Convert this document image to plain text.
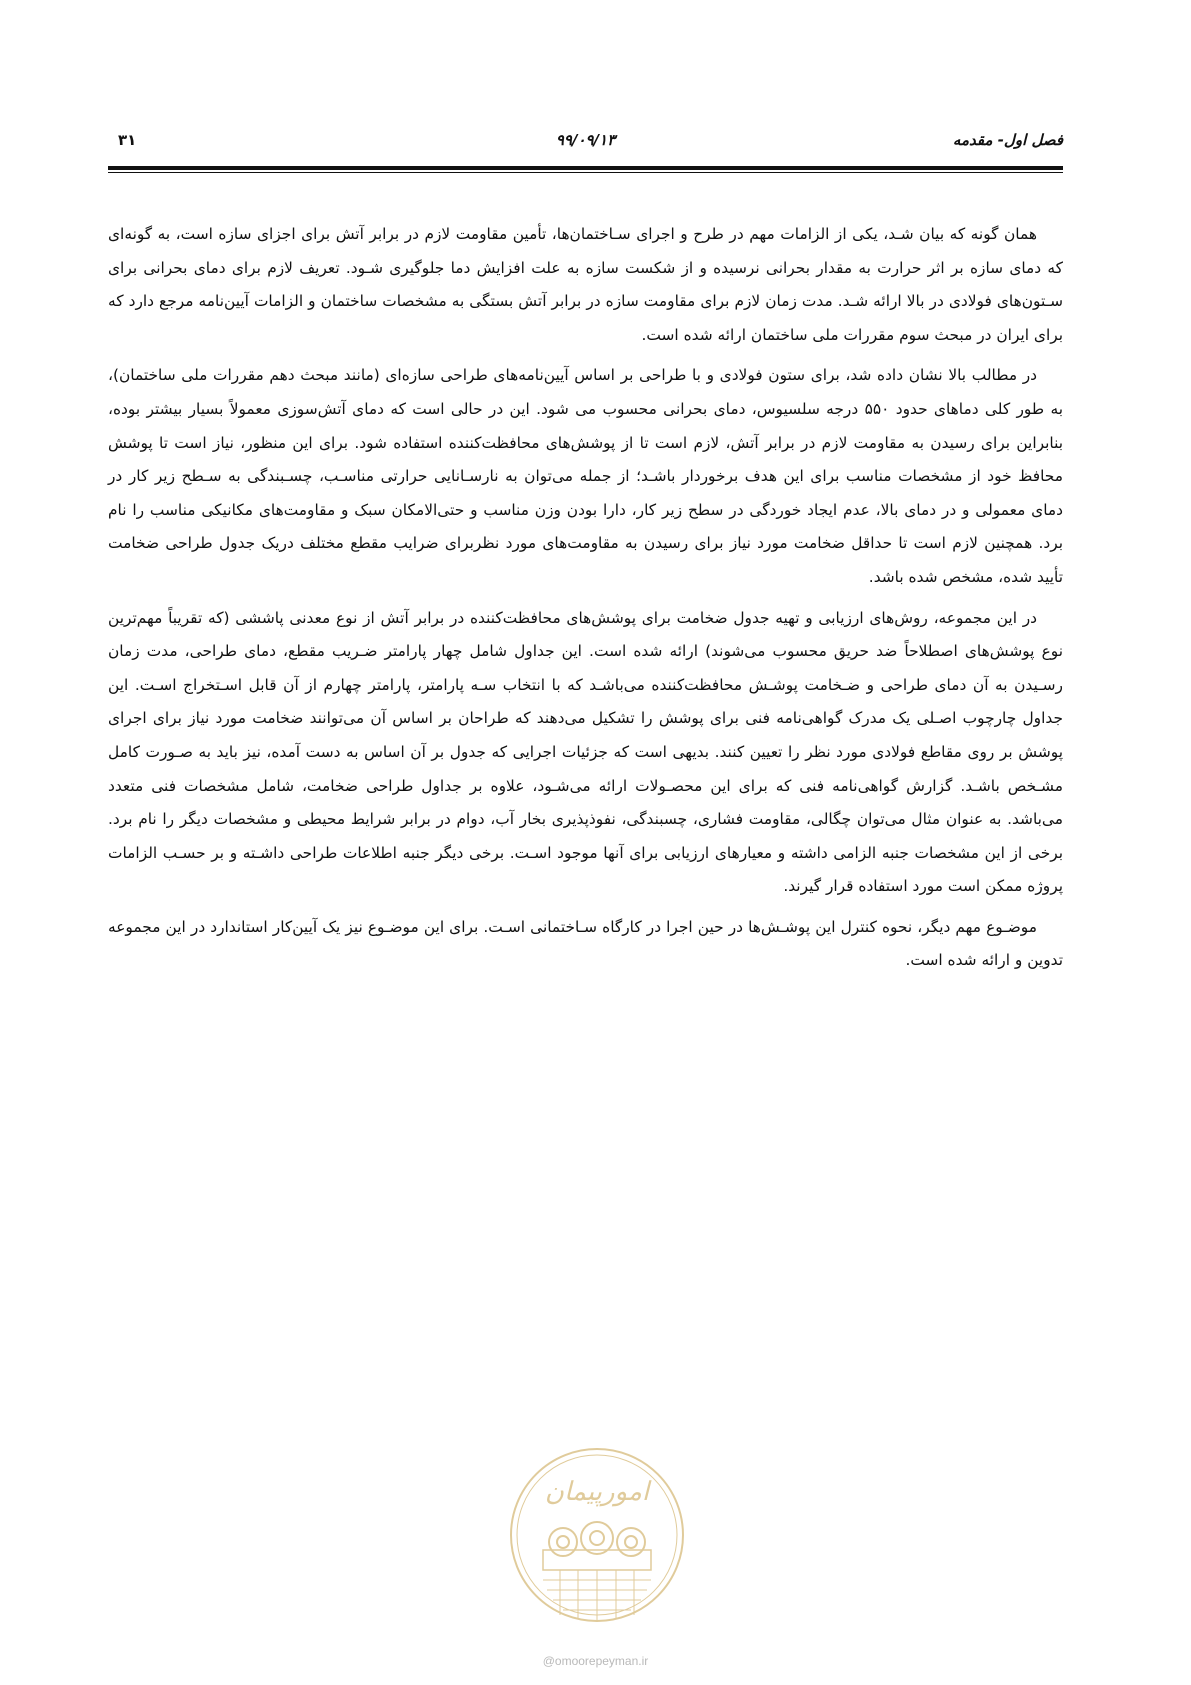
فصل اول- مقدمه
۹۹/۰۹/۱۳
۳۱

همان گونه که بیان شـد، یکی از الزامات مهم در طرح و اجرای سـاختمان‌ها، تأمین مقاومت لازم در برابر آتش برای اجزای سازه است، به گونه‌ای که دمای سازه بر اثر حرارت به مقدار بحرانی نرسیده و از شکست سازه به علت افزایش دما جلوگیری شـود. تعریف لازم برای دمای بحرانی برای سـتون‌های فولادی در بالا ارائه شـد. مدت زمان لازم برای مقاومت سازه در برابر آتش بستگی به مشخصات ساختمان و الزامات آیین‌نامه مرجع دارد که برای ایران در مبحث سوم مقررات ملی ساختمان ارائه شده است.

در مطالب بالا نشان داده شد، برای ستون فولادی و با طراحی بر اساس آیین‌نامه‌های طراحی سازه‌ای (مانند مبحث دهم مقررات ملی ساختمان)، به طور کلی دماهای حدود ۵۵۰ درجه سلسیوس، دمای بحرانی محسوب می شود. این در حالی است که دمای آتش‌سوزی معمولاً بسیار بیشتر بوده، بنابراین برای رسیدن به مقاومت لازم در برابر آتش، لازم است تا از پوشش‌های محافظت‌کننده استفاده شود. برای این منظور، نیاز است تا پوشش محافظ خود از مشخصات مناسب برای این هدف برخوردار باشـد؛ از جمله می‌توان به نارسـانایی حرارتی مناسـب، چسـبندگی به سـطح زیر کار در دمای معمولی و در دمای بالا، عدم ایجاد خوردگی در سطح زیر کار، دارا بودن وزن مناسب و حتی‌الامکان سبک و مقاومت‌های مکانیکی مناسب را نام برد. همچنین لازم است تا حداقل ضخامت مورد نیاز برای رسیدن به مقاومت‌های مورد نظربرای ضرایب مقطع مختلف دریک جدول طراحی ضخامت تأیید شده، مشخص شده باشد.

در این مجموعه، روش‌های ارزیابی و تهیه جدول ضخامت برای پوشش‌های محافظت‌کننده در برابر آتش از نوع معدنی پاششی (که تقریباً مهم‌ترین نوع پوشش‌های اصطلاحاً ضد حریق محسوب می‌شوند) ارائه شده است. این جداول شامل چهار پارامتر ضـریب مقطع، دمای طراحی، مدت زمان رسـیدن به آن دمای طراحی و ضـخامت پوشـش محافظت‌کننده می‌باشـد که با انتخاب سـه پارامتر، پارامتر چهارم از آن قابل اسـتخراج اسـت. این جداول چارچوب اصـلی یک مدرک گواهی‌نامه فنی برای پوشش را تشکیل می‌دهند که طراحان بر اساس آن می‌توانند ضخامت مورد نیاز برای اجرای پوشش بر روی مقاطع فولادی مورد نظر را تعیین کنند. بدیهی است که جزئیات اجرایی که جدول بر آن اساس به دست آمده، نیز باید به صـورت کامل مشـخص باشـد. گزارش گواهی‌نامه فنی که برای این محصـولات ارائه می‌شـود، علاوه بر جداول طراحی ضخامت، شامل مشخصات فنی متعدد می‌باشد. به عنوان مثال می‌توان چگالی، مقاومت فشاری، چسبندگی، نفوذپذیری بخار آب، دوام در برابر شرایط محیطی و مشخصات دیگر را نام برد. برخی از این مشخصات جنبه الزامی داشته و معیارهای ارزیابی برای آنها موجود اسـت. برخی دیگر جنبه اطلاعات طراحی داشـته و بر حسـب الزامات پروژه ممکن است مورد استفاده قرار گیرند.

موضـوع مهم دیگر، نحوه کنترل این پوشـش‌ها در حین اجرا در کارگاه سـاختمانی اسـت. برای این موضـوع نیز یک آیین‌کار استاندارد در این مجموعه تدوین و ارائه شده است.

امورپیمان
@omoorepeyman.ir
